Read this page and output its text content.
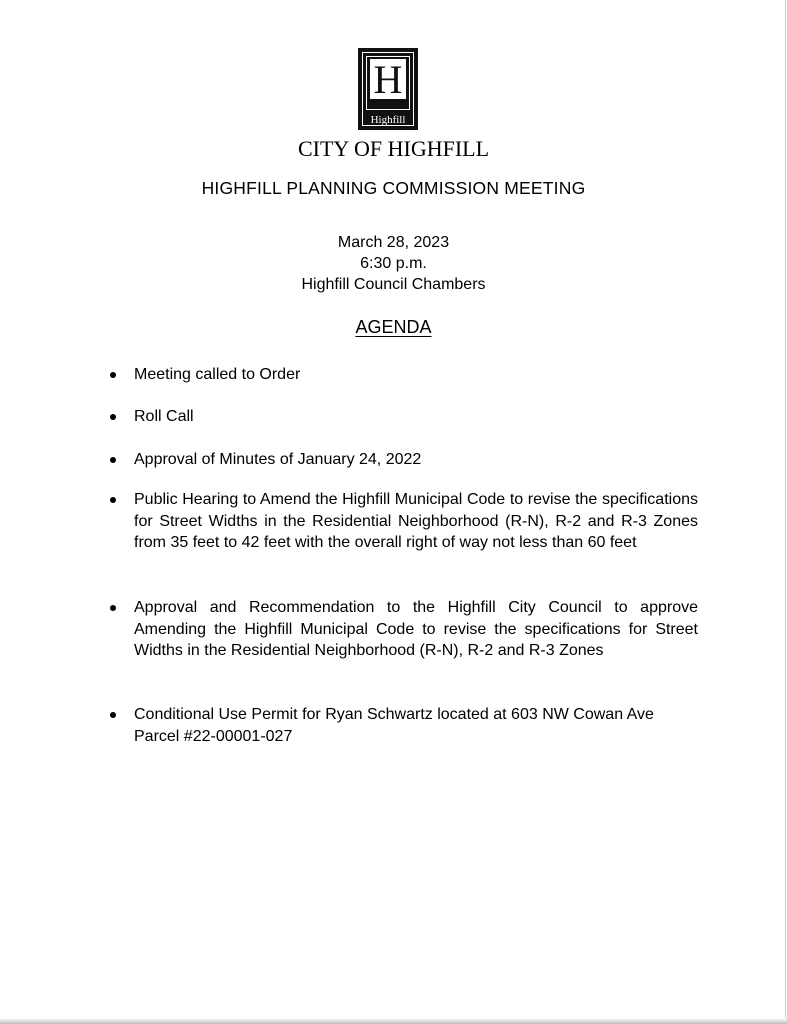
H
Highfill
CITY OF HIGHFILL
HIGHFILL PLANNING COMMISSION MEETING
March 28, 2023
6:30 p.m.
Highfill Council Chambers
AGENDA

Meeting called to Order

Roll Call

Approval of Minutes of January 24, 2022

Public Hearing to Amend the Highfill Municipal Code to revise the specifications for Street Widths in the Residential Neighborhood (R-N), R-2 and R-3 Zones from 35 feet to 42 feet with the overall right of way not less than 60 feet

Approval and Recommendation to the Highfill City Council to approve Amending the Highfill Municipal Code to revise the specifications for Street Widths in the Residential Neighborhood (R-N), R-2 and R-3 Zones

Conditional Use Permit for Ryan Schwartz located at 603 NW Cowan Ave

Parcel #22-00001-027
